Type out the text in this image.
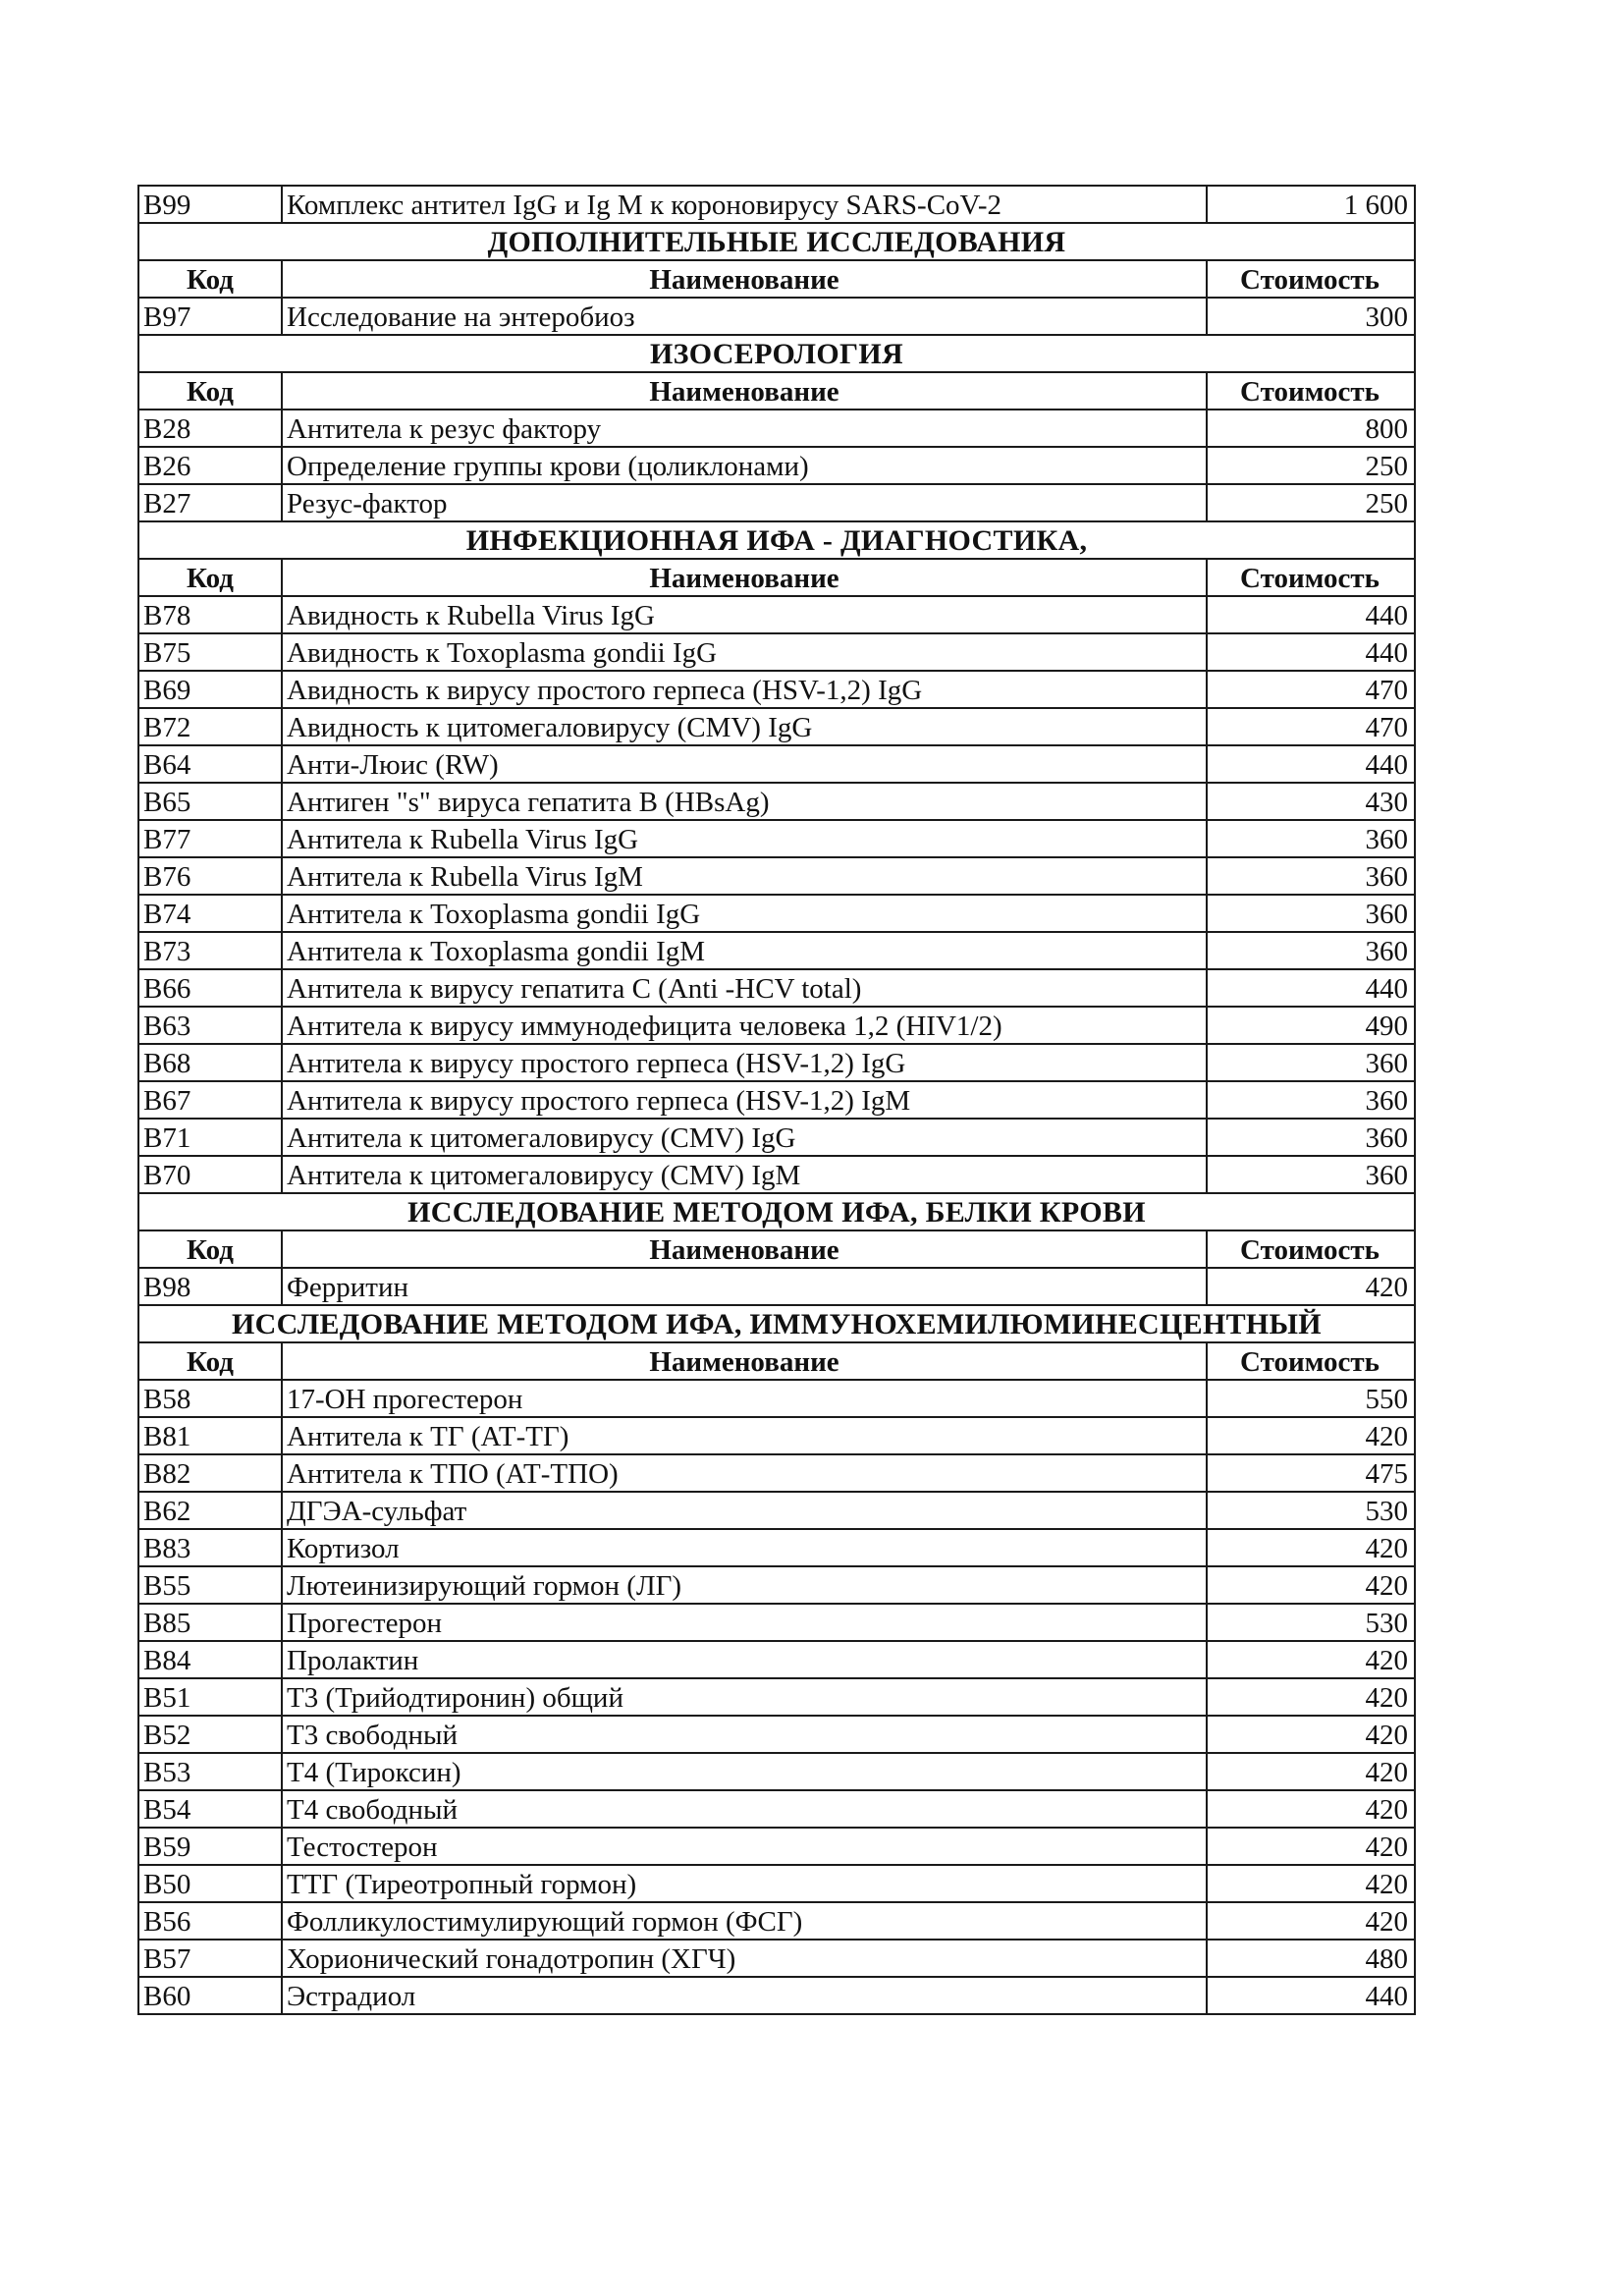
B99	Комплекс антител IgG и Ig M к короновирусу SARS-CoV-2	1 600
ДОПОЛНИТЕЛЬНЫЕ ИССЛЕДОВАНИЯ		
Код	Наименование	Стоимость
B97	Исследование на энтеробиоз	300
ИЗОСЕРОЛОГИЯ		
Код	Наименование	Стоимость
B28	Антитела к резус фактору	800
B26	Определение группы крови (цоликлонами)	250
B27	Резус-фактор	250
ИНФЕКЦИОННАЯ ИФА - ДИАГНОСТИКА,		
Код	Наименование	Стоимость
B78	Авидность к Rubella Virus IgG	440
B75	Авидность к Toxoplasma gondii IgG	440
B69	Авидность к вирусу простого герпеса (HSV-1,2) IgG	470
B72	Авидность к цитомегаловирусу (CMV) IgG	470
B64	Анти-Люис (RW)	440
B65	Антиген "s" вируса гепатита В (HBsAg)	430
B77	Антитела к Rubella Virus IgG	360
B76	Антитела к Rubella Virus IgM	360
B74	Антитела к Toxoplasma gondii IgG	360
B73	Антитела к Toxoplasma gondii IgM	360
B66	Антитела к вирусу гепатита С (Anti -HCV total)	440
B63	Антитела к вирусу иммунодефицита человека 1,2 (HIV1/2)	490
B68	Антитела к вирусу простого герпеса (HSV-1,2) IgG	360
B67	Антитела к вирусу простого герпеса (HSV-1,2) IgM	360
B71	Антитела к цитомегаловирусу (CMV) IgG	360
B70	Антитела к цитомегаловирусу (CMV) IgM	360
ИССЛЕДОВАНИЕ МЕТОДОМ ИФА, БЕЛКИ КРОВИ		
Код	Наименование	Стоимость
B98	Ферритин	420
ИССЛЕДОВАНИЕ МЕТОДОМ ИФА, ИММУНОХЕМИЛЮМИНЕСЦЕНТНЫЙ		
Код	Наименование	Стоимость
B58	17-ОН прогестерон	550
B81	Антитела к ТГ (АТ-ТГ)	420
B82	Антитела к ТПО (АТ-ТПО)	475
B62	ДГЭА-сульфат	530
B83	Кортизол	420
B55	Лютеинизирующий гормон (ЛГ)	420
B85	Прогестерон	530
B84	Пролактин	420
B51	Т3 (Трийодтиронин) общий	420
B52	Т3 свободный	420
B53	Т4 (Тироксин)	420
B54	Т4 свободный	420
B59	Тестостерон	420
B50	ТТГ (Тиреотропный гормон)	420
B56	Фолликулостимулирующий гормон (ФСГ)	420
B57	Хорионический гонадотропин (ХГЧ)	480
B60	Эстрадиол	440
